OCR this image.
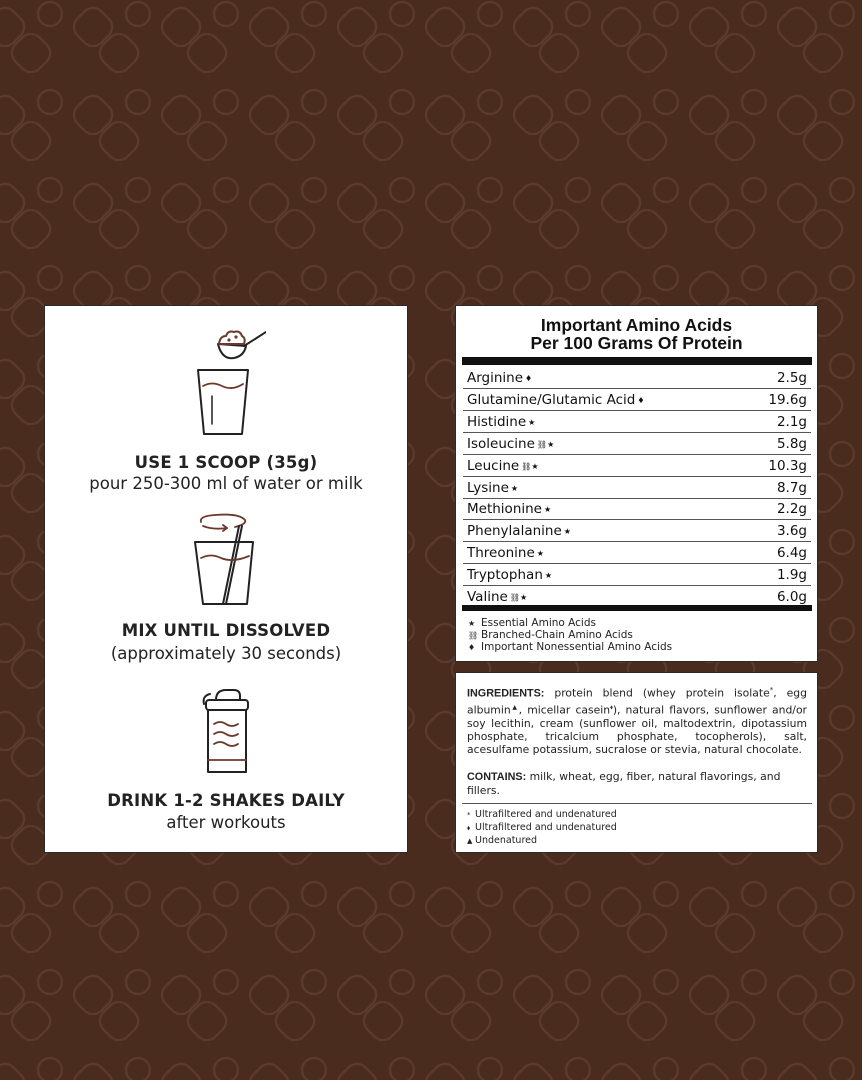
USE 1 SCOOP (35g)
pour 250-300 ml of water or milk
MIX UNTIL DISSOLVED
(approximately 30 seconds)
DRINK 1-2 SHAKES DAILY
after workouts
Important Amino Acids
Per 100 Grams Of Protein
Arginine ♦	2.5g
Glutamine/Glutamic Acid ♦	19.6g
Histidine ★	2.1g
Isoleucine ⛓★	5.8g
Leucine ⛓★	10.3g
Lysine ★	8.7g
Methionine ★	2.2g
Phenylalanine ★	3.6g
Threonine ★	6.4g
Tryptophan ★	1.9g
Valine ⛓★	6.0g
★ Essential Amino Acids
⛓ Branched-Chain Amino Acids
♦ Important Nonessential Amino Acids
INGREDIENTS: protein blend (whey protein isolate*, egg albumin▲, micellar casein⬧), natural flavors, sunflower and/or soy lecithin, cream (sunflower oil, maltodextrin, dipotassium phosphate, tricalcium phosphate, tocopherols), salt, acesulfame potassium, sucralose or stevia, natural chocolate.
CONTAINS: milk, wheat, egg, fiber, natural flavorings, and fillers.
* Ultrafiltered and undenatured
⬧ Ultrafiltered and undenatured
▲ Undenatured
